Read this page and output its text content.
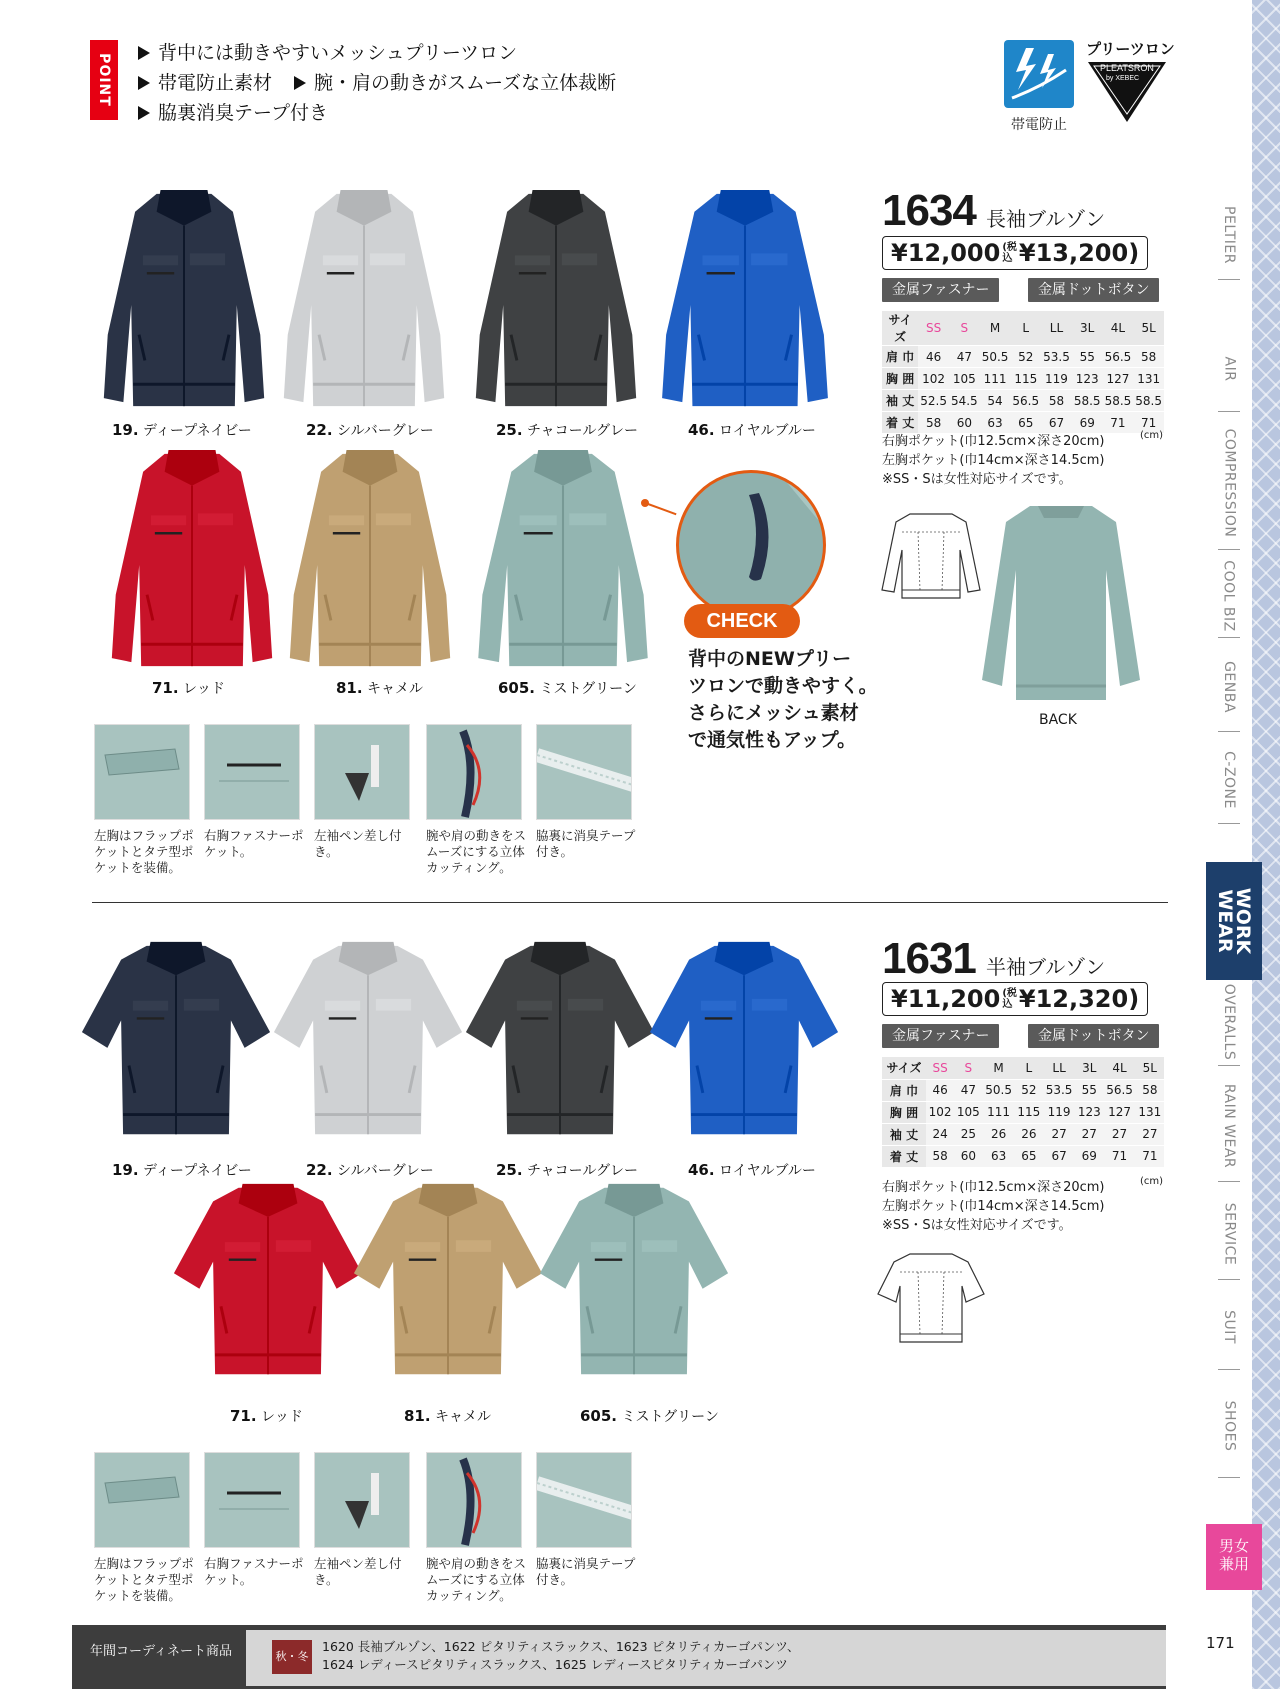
POINT
背中には動きやすいメッシュプリーツロン
帯電防止素材 腕・肩の動きがスムーズな立体裁断
脇裏消臭テープ付き
帯電防止
プリーツロン
PLEATSRON
by XEBEC
19. ディープネイビー	22. シルバーグレー	25. チャコールグレー	46. ロイヤルブルー
71. レッド	81. キャメル	605. ミストグリーン
CHECK
背中のNEWプリー
ツロンで動きやすく。
さらにメッシュ素材
で通気性もアップ。
1634 長袖ブルゾン
¥12,000 (税
込 ¥13,200 )
金属ファスナー	金属ドットボタン
サイズ	SS	S	M	L	LL	3L	4L	5L
肩 巾	46	47	50.5	52	53.5	55	56.5	58
胸 囲	102	105	111	115	119	123	127	131
袖 丈	52.5	54.5	54	56.5	58	58.5	58.5	58.5
着 丈	58	60	63	65	67	69	71	71
(cm)
右胸ポケット(巾12.5cm×深さ20cm)
左胸ポケット(巾14cm×深さ14.5cm)
※SS・Sは女性対応サイズです。
BACK
左胸はフラップポケットとタテ型ポケットを装備。
右胸ファスナーポケット。
左袖ペン差し付き。
腕や肩の動きをスムーズにする立体カッティング。
脇裏に消臭テープ付き。
19. ディープネイビー	22. シルバーグレー	25. チャコールグレー	46. ロイヤルブルー
71. レッド	81. キャメル	605. ミストグリーン
1631 半袖ブルゾン
¥11,200 (税
込 ¥12,320 )
金属ファスナー	金属ドットボタン
サイズ	SS	S	M	L	LL	3L	4L	5L
肩 巾	46	47	50.5	52	53.5	55	56.5	58
胸 囲	102	105	111	115	119	123	127	131
袖 丈	24	25	26	26	27	27	27	27
着 丈	58	60	63	65	67	69	71	71
(cm)
右胸ポケット(巾12.5cm×深さ20cm)
左胸ポケット(巾14cm×深さ14.5cm)
※SS・Sは女性対応サイズです。
左胸はフラップポケットとタテ型ポケットを装備。
右胸ファスナーポケット。
左袖ペン差し付き。
腕や肩の動きをスムーズにする立体カッティング。
脇裏に消臭テープ付き。
PELTIER
AIR
COMPRESSION
COOL BIZ
GENBA
C-ZONE
OVERALLS
RAIN WEAR
SERVICE
SUIT
SHOES
WORK
WEAR
男女
兼用
年間コーディネート商品	秋・冬
1620 長袖ブルゾン、1622 ピタリティスラックス、1623 ピタリティカーゴパンツ、
1624 レディースピタリティスラックス、1625 レディースピタリティカーゴパンツ
171
